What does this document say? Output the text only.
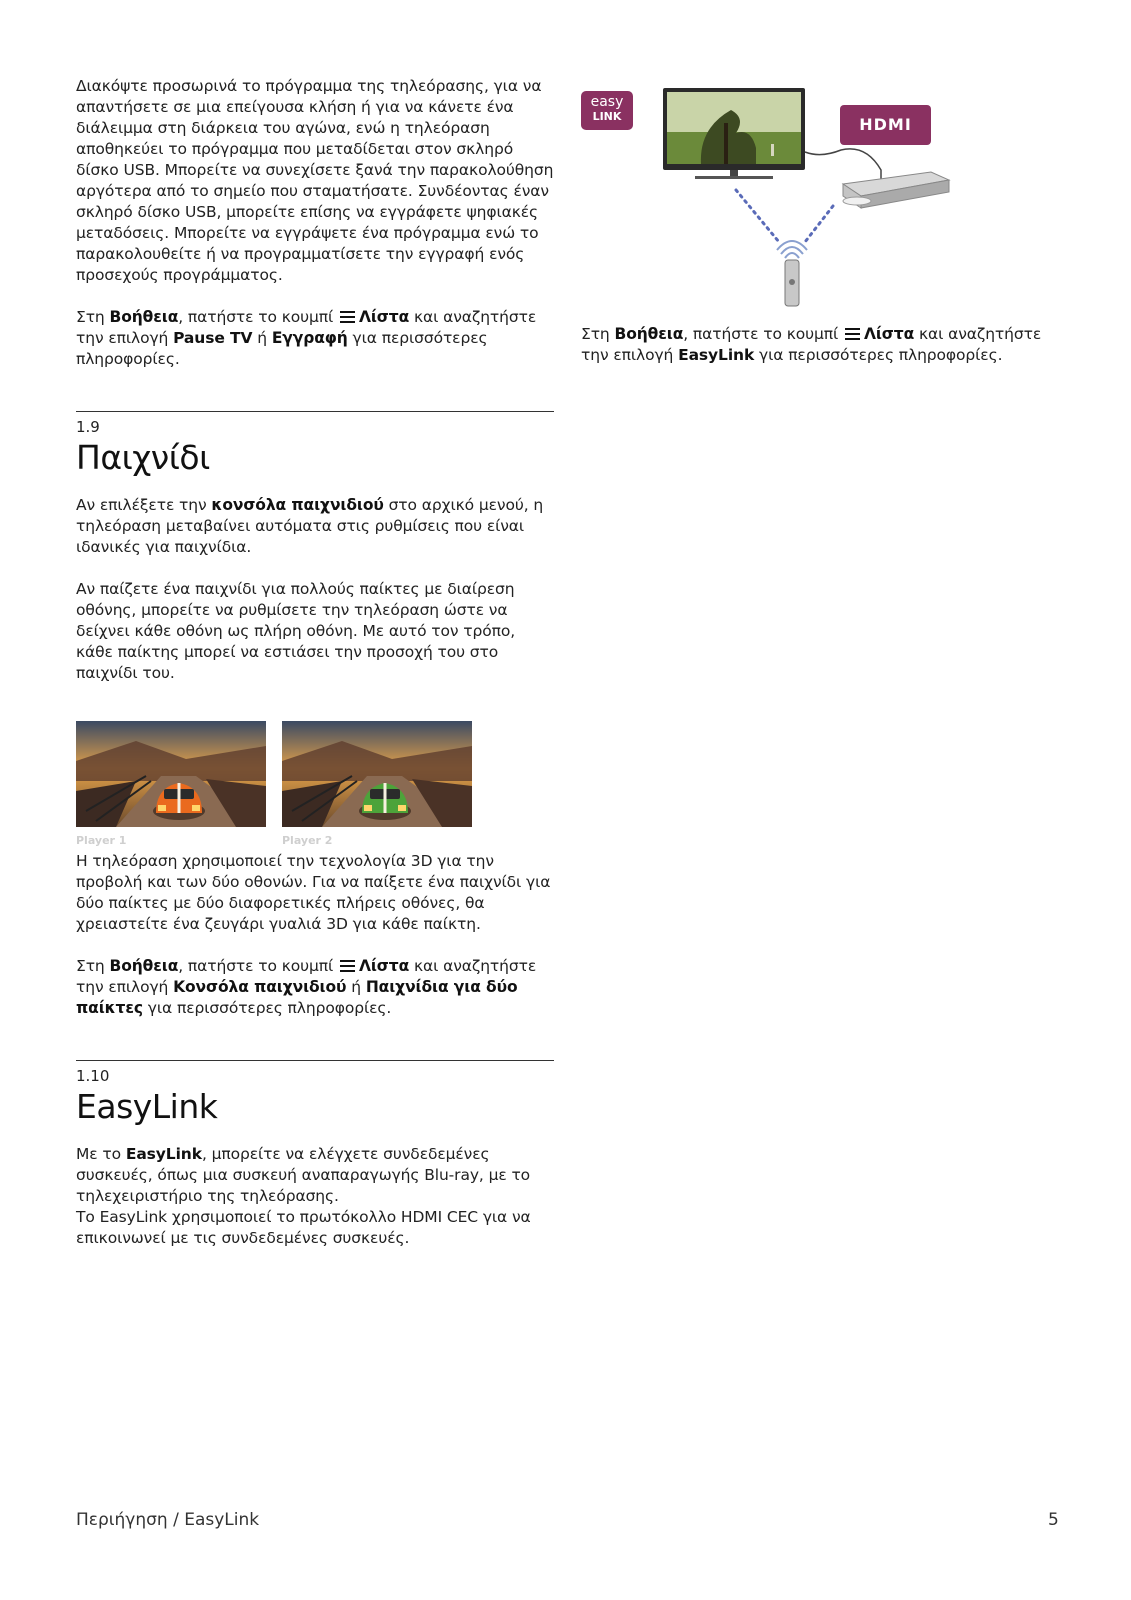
Διακόψτε προσωρινά το πρόγραμμα της τηλεόρασης, για να απαντήσετε σε μια επείγουσα κλήση ή για να κάνετε ένα διάλειμμα στη διάρκεια του αγώνα, ενώ η τηλεόραση αποθηκεύει το πρόγραμμα που μεταδίδεται στον σκληρό δίσκο USB. Μπορείτε να συνεχίσετε ξανά την παρακολούθηση αργότερα από το σημείο που σταματήσατε. Συνδέοντας έναν σκληρό δίσκο USB, μπορείτε επίσης να εγγράφετε ψηφιακές μεταδόσεις. Μπορείτε να εγγράψετε ένα πρόγραμμα ενώ το παρακολουθείτε ή να προγραμματίσετε την εγγραφή ενός προσεχούς προγράμματος.

Στη Βοήθεια, πατήστε το κουμπί
Λίστα και αναζητήστε την επιλογή Pause TV ή Εγγραφή για περισσότερες πληροφορίες.

1.9
Παιχνίδι

Αν επιλέξετε την κονσόλα παιχνιδιού στο αρχικό μενού, η τηλεόραση μεταβαίνει αυτόματα στις ρυθμίσεις που είναι ιδανικές για παιχνίδια.

Αν παίζετε ένα παιχνίδι για πολλούς παίκτες με διαίρεση οθόνης, μπορείτε να ρυθμίσετε την τηλεόραση ώστε να δείχνει κάθε οθόνη ως πλήρη οθόνη. Με αυτό τον τρόπο, κάθε παίκτης μπορεί να εστιάσει την προσοχή του στο παιχνίδι του.

Player 1	Player 2

Η τηλεόραση χρησιμοποιεί την τεχνολογία 3D για την προβολή και των δύο οθονών. Για να παίξετε ένα παιχνίδι για δύο παίκτες με δύο διαφορετικές πλήρεις οθόνες, θα χρειαστείτε ένα ζευγάρι γυαλιά 3D για κάθε παίκτη.

Στη Βοήθεια, πατήστε το κουμπί
Λίστα και αναζητήστε την επιλογή Κονσόλα παιχνιδιού ή Παιχνίδια για δύο παίκτες για περισσότερες πληροφορίες.

1.10
EasyLink

Με το EasyLink, μπορείτε να ελέγχετε συνδεδεμένες συσκευές, όπως μια συσκευή αναπαραγωγής Blu-ray, με το τηλεχειριστήριο της τηλεόρασης.

Το EasyLink χρησιμοποιεί το πρωτόκολλο HDMI CEC για να επικοινωνεί με τις συνδεδεμένες συσκευές.

easy
LINK	HDMI

Στη Βοήθεια, πατήστε το κουμπί
Λίστα και αναζητήστε την επιλογή EasyLink για περισσότερες πληροφορίες.

Περιήγηση / EasyLink	5
